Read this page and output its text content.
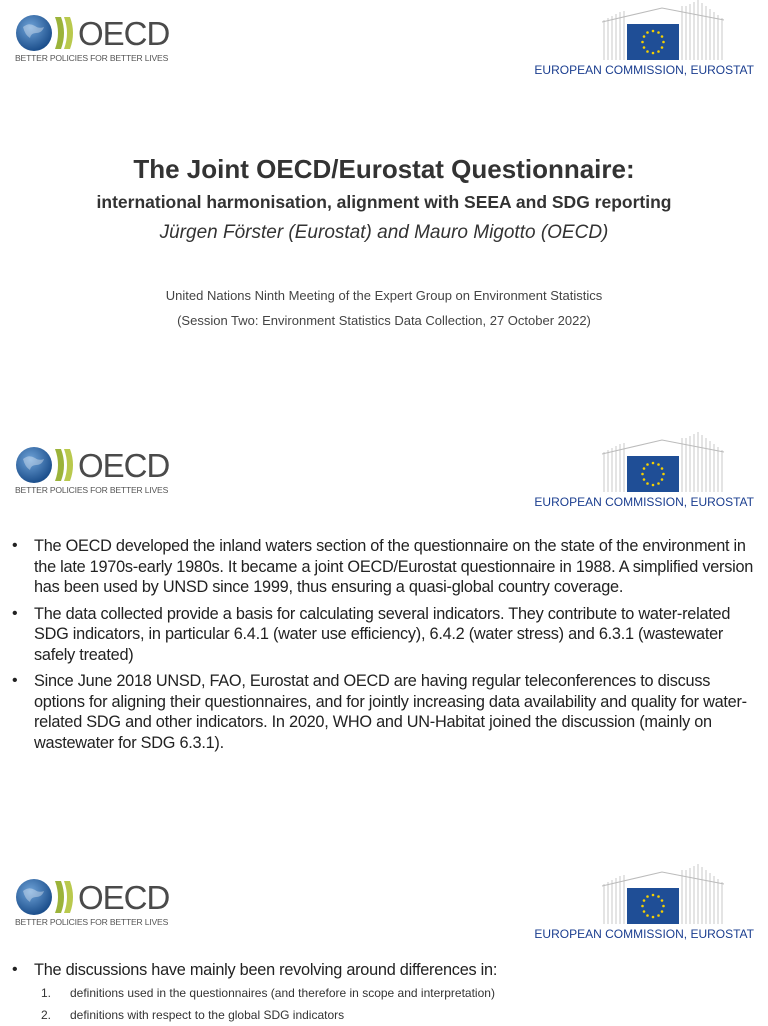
OECD
BETTER POLICIES FOR BETTER LIVES
EUROPEAN COMMISSION, EUROSTAT
The Joint OECD/Eurostat Questionnaire:
international harmonisation, alignment with SEEA and SDG reporting
Jürgen Förster (Eurostat) and Mauro Migotto (OECD)
United Nations Ninth Meeting of the Expert Group on Environment Statistics
(Session Two: Environment Statistics Data Collection, 27 October 2022)
OECD
BETTER POLICIES FOR BETTER LIVES
EUROPEAN COMMISSION, EUROSTAT
• The OECD developed the inland waters section of the questionnaire on the state of the environment in the late 1970s-early 1980s. It became a joint OECD/Eurostat questionnaire in 1988. A simplified version has been used by UNSD since 1999, thus ensuring a quasi-global country coverage.
• The data collected provide a basis for calculating several indicators. They contribute to water-related SDG indicators, in particular 6.4.1 (water use efficiency), 6.4.2 (water stress) and 6.3.1 (wastewater safely treated)
• Since June 2018 UNSD, FAO, Eurostat and OECD are having regular teleconferences to discuss options for aligning their questionnaires, and for jointly increasing data availability and quality for water-related SDG and other indicators. In 2020, WHO and UN-Habitat joined the discussion (mainly on wastewater for SDG 6.3.1).
OECD
BETTER POLICIES FOR BETTER LIVES
EUROPEAN COMMISSION, EUROSTAT
• The discussions have mainly been revolving around differences in:
1. definitions used in the questionnaires (and therefore in scope and interpretation)
2. definitions with respect to the global SDG indicators
